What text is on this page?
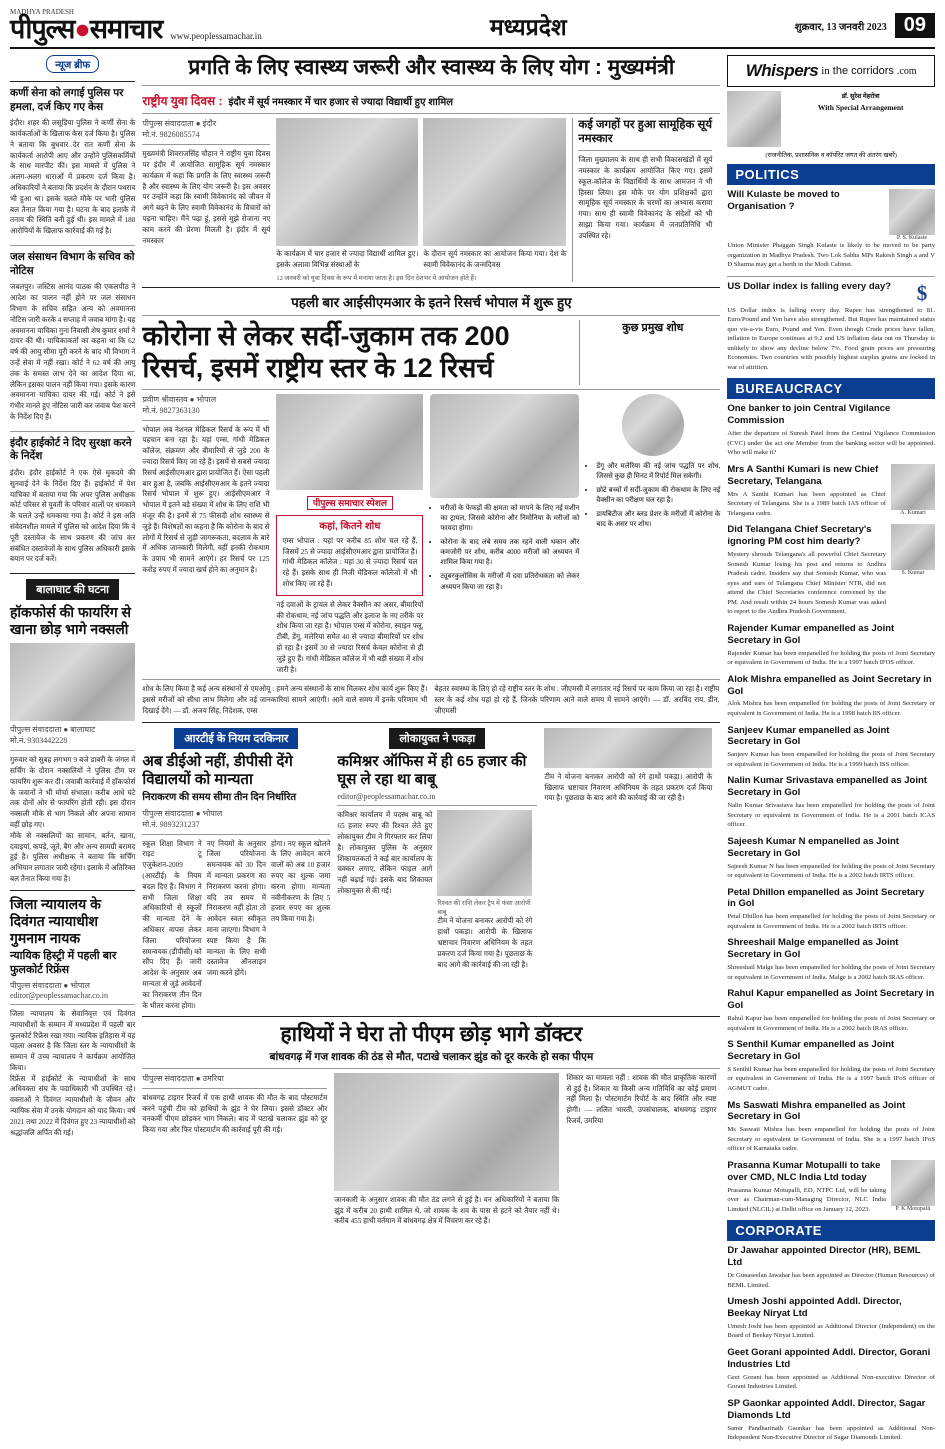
MADHYA PRADESH
पीपुल्स●समाचार www.peoplessamachar.in	मध्यप्रदेश	शुक्रवार, 13 जनवरी 2023 09
न्यूज ब्रीफ
कर्णी सेना को लगाई पुलिस पर हमला, दर्ज किए गए केस
इंदौर। शहर की लसूड़िया पुलिस ने कर्णी सेना के कार्यकर्ताओं के खिलाफ केस दर्ज किया है। पुलिस ने बताया कि बुधवार देर रात कर्णी सेना के कार्यकर्ता आरोपी आए और उन्होंने पुलिसकर्मियों के साथ मारपीट की। इस मामले में पुलिस ने अलग-अलग धाराओं में प्रकरण दर्ज किया है। अधिकारियों ने बताया कि प्रदर्शन के दौरान पथराव भी हुआ था। इसके चलते मौके पर भारी पुलिस बल तैनात किया गया है। घटना के बाद इलाके में तनाव की स्थिति बनी हुई थी। इस मामले में 188 आरोपियों के खिलाफ कार्रवाई की गई है।
जल संसाधन विभाग के सचिव को नोटिस
जबलपुर। जस्टिस आनंद पाठक की एकलपीठ ने आदेश का पालन नहीं होने पर जल संसाधन विभाग के सचिव सहित अन्य को अवमानना नोटिस जारी करके 4 सप्ताह में जवाब मांगा है। यह अवमानना याचिका गुना निवासी शेष कुमार शर्मा ने दायर की थी। याचिकाकर्ता का कहना था कि 62 वर्ष की आयु सीमा पूरी करने के बाद भी विभाग ने उन्हें सेवा में नहीं रखा। कोर्ट ने 62 वर्ष की आयु तक के समस्त लाभ देने का आदेश दिया था, लेकिन इसका पालन नहीं किया गया। इसके कारण अवमानना याचिका दायर की गई। कोर्ट ने इसे गंभीर मानते हुए नोटिस जारी कर जवाब पेश करने के निर्देश दिए हैं।
इंदौर हाईकोर्ट ने दिए सुरक्षा करने के निर्देश
इंदौर। इंदौर हाईकोर्ट ने एक ऐसे मुकदमे की सुनवाई देने के निर्देश दिए हैं। हाईकोर्ट में पेश याचिका में बताया गया कि अपर पुलिस अधीक्षक कोर्ट परिसर से युवती के परिवार वालों पर धमकाने के चलते उन्हें धमकाया गया है। कोर्ट ने इस अति संवेदनशील मामले में पुलिस को आदेश दिया कि वे पूरी दस्तावेज के साथ प्रकरण की जांच कर संबंधित दस्तावेजों के साथ पुलिस अधिकारी इसके बयान पर दर्ज करें।
बालाघाट की घटना
हॉकफोर्स की फायरिंग से खाना छोड़ भागे नक्सली
पीपुल्स संवाददाता ● बालाघाट
मो.नं. 9303442228
गुरुवार को सुबह लगभग 9 बजे डाबरी के जंगल में सर्चिंग के दौरान नक्सलियों ने पुलिस टीम पर फायरिंग शुरू कर दी। जवाबी कार्रवाई में हॉकफोर्स के जवानों ने भी मोर्चा संभाला। करीब आधे घंटे तक दोनों ओर से फायरिंग होती रही। इस दौरान नक्सली मौके से भाग निकले और अपना सामान वहीं छोड़ गए।
मौके से नक्सलियों का सामान, बर्तन, खाना, दवाइयां, कपड़े, जूते, बैग और अन्य सामग्री बरामद हुई है। पुलिस अधीक्षक ने बताया कि सर्चिंग अभियान लगातार जारी रहेगा। इलाके में अतिरिक्त बल तैनात किया गया है।
जिला न्यायालय के दिवंगत न्यायाधीश गुमनाम नायक
न्यायिक हिस्ट्री में पहली बार फुलकोर्ट रिफ्रेंस
पीपुल्स संवाददाता ● भोपाल
editor@peoplessamachar.co.in
जिला न्यायालय के सेवानिवृत्त एवं दिवंगत न्यायाधीशों के सम्मान में मध्यप्रदेश में पहली बार फुलकोर्ट रिफ्रेंस रखा गया। न्यायिक इतिहास में यह पहला अवसर है कि जिला स्तर के न्यायाधीशों के सम्मान में उच्च न्यायालय ने कार्यक्रम आयोजित किया।
रिफ्रेंस में हाईकोर्ट के न्यायाधीशों के साथ अधिवक्ता संघ के पदाधिकारी भी उपस्थित रहे। वक्ताओं ने दिवंगत न्यायाधीशों के जीवन और न्यायिक सेवा में उनके योगदान को याद किया। वर्ष 2021 तथा 2022 में दिवंगत हुए 23 न्यायाधीशों को श्रद्धांजलि अर्पित की गई।
प्रगति के लिए स्वास्थ्य जरूरी और स्वास्थ्य के लिए योग : मुख्यमंत्री
राष्ट्रीय युवा दिवस : इंदौर में सूर्य नमस्कार में चार हजार से ज्यादा विद्यार्थी हुए शामिल
पीपुल्स संवाददाता ● इंदौर
मो.नं. 9826085574
मुख्यमंत्री शिवराजसिंह चौहान ने राष्ट्रीय युवा दिवस पर इंदौर में आयोजित सामूहिक सूर्य नमस्कार कार्यक्रम में कहा कि प्रगति के लिए स्वास्थ्य जरूरी है और स्वास्थ्य के लिए योग जरूरी है। इस अवसर पर उन्होंने कहा कि स्वामी विवेकानंद को जीवन में आगे बढ़ने के लिए स्वामी विवेकानंद के विचारों को पढ़ना चाहिए। मैंने पढ़ा हूं, इससे मुझे रोजाना नए काम करने की प्रेरणा मिलती है। इंदौर में सूर्य नमस्कार
के कार्यक्रम में चार हजार से ज्यादा विद्यार्थी शामिल हुए। इसके अलावा विभिन्न संस्थाओं के
के दौरान सूर्य नमस्कार का आयोजन किया गया। देश के स्वामी विवेकानंद के जन्मदिवस
12 जनवरी को युवा दिवस के रूप में मनाया जाता है। इस दिन देशभर में आयोजन होते हैं।
कई जगहों पर हुआ सामूहिक सूर्य नमस्कार
जिला मुख्यालय के साथ ही सभी विकासखंडों में सूर्य नमस्कार के कार्यक्रम आयोजित किए गए। इसमें स्कूल-कॉलेज के विद्यार्थियों के साथ आमजन ने भी हिस्सा लिया। इस मौके पर योग प्रशिक्षकों द्वारा सामूहिक सूर्य नमस्कार के चरणों का अभ्यास कराया गया। साथ ही स्वामी विवेकानंद के संदेशों को भी साझा किया गया। कार्यक्रम में जनप्रतिनिधि भी उपस्थित रहे।
पहली बार आईसीएमआर के इतने रिसर्च भोपाल में शुरू हुए
कोरोना से लेकर सर्दी-जुकाम तक 200 रिसर्च, इसमें राष्ट्रीय स्तर के 12 रिसर्च
कुछ प्रमुख शोध
प्रवीण श्रीवास्तव ● भोपाल
मो.नं. 9827363130
भोपाल अब नेशनल मेडिकल रिसर्च के रूप में भी पहचान बना रहा है। यहां एम्स, गांधी मेडिकल कॉलेज, संक्रमण और बीमारियों से जुड़े 200 के ज्यादा रिसर्च किए जा रहे हैं। इसमें से सबसे ज्यादा रिसर्च आईसीएमआर द्वारा प्रायोजित हैं। ऐसा पहली बार हुआ है, जबकि आईसीएमआर के इतने ज्यादा रिसर्च भोपाल में शुरू हुए। आईसीएमआर ने भोपाल में इतने बड़े संख्या में शोध के लिए राशि भी मंजूर की है। इनमें से 75 फीसदी शोध स्वास्थ्य से जुड़े हैं। विशेषज्ञों का कहना है कि कोरोना के बाद से लोगों में रिसर्च से जुड़ी जागरूकता, बदलाव के बारे में अधिक जानकारी मिलेगी, वहीं इनकी रोकथाम के उपाय भी सामने आएंगे। हर रिसर्च पर 125 करोड़ रुपए में ज्यादा खर्च होने का अनुमान है।
पीपुल्स समाचार स्पेशल
कहां, कितने शोध
एम्स भोपाल : यहां पर करीब 85 शोध चल रहे हैं, जिसमें 25 से ज्यादा आईसीएमआर द्वारा प्रायोजित हैं। गांधी मेडिकल कॉलेज : यहां 30 से ज्यादा रिसर्च चल रहे हैं। इसके साथ ही निजी मेडिकल कॉलेजों में भी शोध किए जा रहे हैं।
नई दवाओं के ट्रायल से लेकर वैक्सीन का असर, बीमारियों की रोकथाम, नई जांच पद्धति और इलाज के नए तरीके पर शोध किया जा रहा है। भोपाल एम्स में कोरोना, स्वाइन फ्लू, टीबी, डेंगू, मलेरिया समेत 40 से ज्यादा बीमारियों पर शोध हो रहा है। इसमें 30 से ज्यादा रिसर्च केवल कोरोना से ही जुड़े हुए हैं। गांधी मेडिकल कॉलेज में भी बड़ी संख्या में शोध जारी है।
• मरीजों के फेफड़ों की क्षमता को मापने के लिए नई मशीन का ट्रायल, जिससे कोरोना और निमोनिया के मरीजों को फायदा होगा।
• कोरोना के बाद लंबे समय तक रहने वाली थकान और कमजोरी पर शोध, करीब 4000 मरीजों को अध्ययन में शामिल किया गया है।
• ट्यूबरकुलोसिस के मरीजों में दवा प्रतिरोधकता को लेकर अध्ययन किया जा रहा है।
• डेंगू और मलेरिया की नई जांच पद्धति पर शोध, जिससे कुछ ही मिनट में रिपोर्ट मिल सकेगी।
• छोटे बच्चों में सर्दी-जुकाम की रोकथाम के लिए नई वैक्सीन का परीक्षण चल रहा है।
• डायबिटीज और ब्लड प्रेशर के मरीजों में कोरोना के बाद के असर पर शोध।
शोध के लिए किया है कई अन्य संस्थानों से एमओयू : हमने अन्य संस्थानों के साथ मिलकर शोध कार्य शुरू किए हैं। इससे मरीजों को सीधा लाभ मिलेगा और नई जानकारियां सामने आएंगी। आने वाले समय में इनके परिणाम भी दिखाई देंगे। — डॉ. अजय सिंह, निदेशक, एम्स
बेहतर स्वास्थ्य के लिए हो रहे राष्ट्रीय स्तर के शोध : जीएमसी में लगातार नई रिसर्च पर काम किया जा रहा है। राष्ट्रीय स्तर के कई शोध यहां हो रहे हैं, जिनके परिणाम आने वाले समय में सामने आएंगे। — डॉ. अरविंद राय, डीन, जीएमसी
आरटीई के नियम दरकिनार
अब डीईओ नहीं, डीपीसी देंगे विद्यालयों को मान्यता
निराकरण की समय सीमा तीन दिन निर्धारित
पीपुल्स संवाददाता ● भोपाल
मो.नं. 9893231237
स्कूल शिक्षा विभाग ने राइट टू एजुकेशन-2009 (आरटीई) के नियम बदल दिए हैं। विभाग ने सभी जिला शिक्षा अधिकारियों से स्कूलों की मान्यता देने के अधिकार वापस लेकर जिला परियोजना समन्वयक (डीपीसी) को सौंप दिए हैं। जारी आदेश के अनुसार अब मान्यता से जुड़े आवेदनों का निराकरण तीन दिन के भीतर करना होगा।
नए नियमों के अनुसार जिला परियोजना समन्वयक को 30 दिन में मान्यता प्रकरण का निराकरण करना होगा। यदि तय समय में निराकरण नहीं होता तो आवेदन स्वतः स्वीकृत माना जाएगा। विभाग ने स्पष्ट किया है कि मान्यता के लिए सभी दस्तावेज ऑनलाइन जमा करने होंगे।
होगा। नए स्कूल खोलने के लिए आवेदन करने वालों को अब 10 हजार रुपए का शुल्क जमा करना होगा। मान्यता नवीनीकरण के लिए 5 हजार रुपए का शुल्क तय किया गया है।
लोकायुक्त ने पकड़ा
कमिश्नर ऑफिस में ही 65 हजार की घूस ले रहा था बाबू
editor@peoplessamachar.co.in
कमिश्नर कार्यालय में पदस्थ बाबू को 65 हजार रुपए की रिश्वत लेते हुए लोकायुक्त टीम ने गिरफ्तार कर लिया है। लोकायुक्त पुलिस के अनुसार शिकायतकर्ता ने कई बार कार्यालय के चक्कर लगाए, लेकिन फाइल आगे नहीं बढ़ाई गई। इसके बाद शिकायत लोकायुक्त से की गई।
रिश्वत की राशि लेकर ट्रैप में फंसा आरोपी बाबू
टीम ने योजना बनाकर आरोपी को रंगे हाथों पकड़ा। आरोपी के खिलाफ भ्रष्टाचार निवारण अधिनियम के तहत प्रकरण दर्ज किया गया है। पूछताछ के बाद आगे की कार्रवाई की जा रही है।
टीम ने योजना बनाकर आरोपी को रंगे हाथों पकड़ा। आरोपी के खिलाफ भ्रष्टाचार निवारण अधिनियम के तहत प्रकरण दर्ज किया गया है। पूछताछ के बाद आगे की कार्रवाई की जा रही है।
हाथियों ने घेरा तो पीएम छोड़ भागे डॉक्टर
बांधवगढ़ में गज शावक की ठंड से मौत, पटाखे चलाकर झुंड को दूर करके हो सका पीएम
पीपुल्स संवाददाता ● उमरिया
बांधवगढ़ टाइगर रिजर्व में एक हाथी शावक की मौत के बाद पोस्टमार्टम करने पहुंची टीम को हाथियों के झुंड ने घेर लिया। इससे डॉक्टर और वनकर्मी पीएम छोड़कर भाग निकले। बाद में पटाखे चलाकर झुंड को दूर किया गया और फिर पोस्टमार्टम की कार्रवाई पूरी की गई।
जानकारी के अनुसार शावक की मौत ठंड लगने से हुई है। वन अधिकारियों ने बताया कि झुंड में करीब 20 हाथी शामिल थे, जो शावक के शव के पास से हटने को तैयार नहीं थे। करीब 455 हाथी वर्तमान में बांधवगढ़ क्षेत्र में विचरण कर रहे हैं।
शिकार का मामला नहीं : शावक की मौत प्राकृतिक कारणों से हुई है। शिकार या किसी अन्य गतिविधि का कोई प्रमाण नहीं मिला है। पोस्टमार्टम रिपोर्ट के बाद स्थिति और स्पष्ट होगी। — ललित भारती, उपसंचालक, बांधवगढ़ टाइगर रिजर्व, उमरिया
Whispers in the corridors .com
डॉ. सुरेश मेहरोत्रा
With Special Arrangement
(राजनीतिक, प्रशासनिक व कॉर्पोरेट जगत की अंतरंग खबरें)
POLITICS
Will Kulaste be moved to Organisation ?
P. S. Kulaste
Union Minister Phaggan Singh Kulaste is likely to be moved to be party organization in Madhya Pradesh. Two Lok Sabha MPs Rakesh Singh a and V D Sharma may get a berth in the Modi Cabinet.
US Dollar index is falling every day?	$
US Dollar index is falling every day. Rupee has strengthened to 81. Euro/Pound and Yen have also strengthened. But Rupee has maintained status quo vis-a-vis Euro, Pound and Yen. Even though Crude prices have fallen, inflation in Europe continues at 9.2 and US inflation data out on Thursday is unlikely to show any decline below 7%. Food grain prices are pressuring Economies. Two countries with possibly highest surplus grains are locked in war of attrition.
BUREAUCRACY
One banker to join Central Vigilance Commission
After the departure of Suresh Patel from the Central Vigilance Commission (CVC) under the act one Member from the banking sector will be appointed. Who will make it?
Mrs A Santhi Kumari is new Chief Secretary, Telangana
Mrs A Santhi Kumari has been appointed as Chief Secretary of Telangana. She is a 1989 batch IAS officer of Telangana cadre.	A. Kumari
Did Telangana Chief Secretary's ignoring PM cost him dearly?
Mystery shrouds Telangana's all powerful Chief Secretary Somesh Kumar losing his post and returns to Andhra Pradesh cadre. Insiders say that Somesh Kumar, who was eyes and ears of Telangana Chief Minister NTR, did not attend the Chief Secretaries conference convened by the PM. And result within 24 hours Somesh Kumar was asked to report to the Andhra Pradesh Government.
S. Kumar
Rajender Kumar empanelled as Joint Secretary in GoI
Rajender Kumar has been empanelled for holding the posts of Joint Secretary or equivalent in Government of India. He is a 1997 batch IFOS officer.
Alok Mishra empanelled as Joint Secretary in GoI
Alok Mishra has been empanelled for holding the posts of Joint Secretary or equivalent in Government of India. He is a 1998 batch IIS officer.
Sanjeev Kumar empanelled as Joint Secretary in GoI
Sanjeev Kumar has been empanelled for holding the posts of Joint Secretary or equivalent in Government of India. He is a 1999 batch ISS officer.
Nalin Kumar Srivastava empanelled as Joint Secretary in GoI
Nalin Kumar Srivastava has been empanelled for holding the posts of Joint Secretary or equivalent in Government of India. He is a 2001 batch ICAS officer.
Sajeesh Kumar N empanelled as Joint Secretary in GoI
Sajeesh Kumar N has been empanelled for holding the posts of Joint Secretary or equivalent in Government of India. He is a 2002 batch IRTS officer.
Petal Dhillon empanelled as Joint Secretary in GoI
Petal Dhillon has been empanelled for holding the posts of Joint Secretary or equivalent in Government of India. He is a 2002 batch IRTS officer.
Shreeshail Malge empanelled as Joint Secretary in GoI
Shreeshail Malge has been empanelled for holding the posts of Joint Secretary or equivalent in Government of India. Malge is a 2002 batch IRAS officer.
Rahul Kapur empanelled as Joint Secretary in GoI
Rahul Kapur has been empanelled for holding the posts of Joint Secretary or equivalent in Government of India. He is a 2002 batch IRAS officer.
S Senthil Kumar empanelled as Joint Secretary in GoI
S Senthil Kumar has been empanelled for holding the posts of Joint Secretary or equivalent in Government of India. He is a 1997 batch IFoS officer of AGMUT cadre.
Ms Saswati Mishra empanelled as Joint Secretary in GoI
Ms Saswati Mishra has been empanelled for holding the posts of Joint Secretary or equivalent in Government of India. She is a 1997 batch IFoS officer of Karnataka cadre.
Prasanna Kumar Motupalli to take over CMD, NLC India Ltd today
Prasanna Kumar Motupalli, ED, NTPC Ltd, will be taking over as Chairman-cum-Managing Director, NLC India Limited (NLCIL) at Delhi office on January 12, 2023.	P. K Motupalli
CORPORATE
Dr Jawahar appointed Director (HR), BEML Ltd
Dr Gunaseelan Jawahar has been appointed as Director (Human Resources) of BEML Limited.
Umesh Joshi appointed Addl. Director, Beekay Niryat Ltd
Umesh Joshi has been appointed as Additional Director (Independent) on the Board of Beekay Niryat Limited.
Geet Gorani appointed Addl. Director, Gorani Industries Ltd
Geet Gorani has been appointed as Additional Non-executive Director of Gorani Industries Limited.
SP Gaonkar appointed Addl. Director, Sagar Diamonds Ltd
Samir Pandharinath Gaonkar has been appointed as Additional Non-Independent Non-Executive Director of Sagar Diamonds Limited.
